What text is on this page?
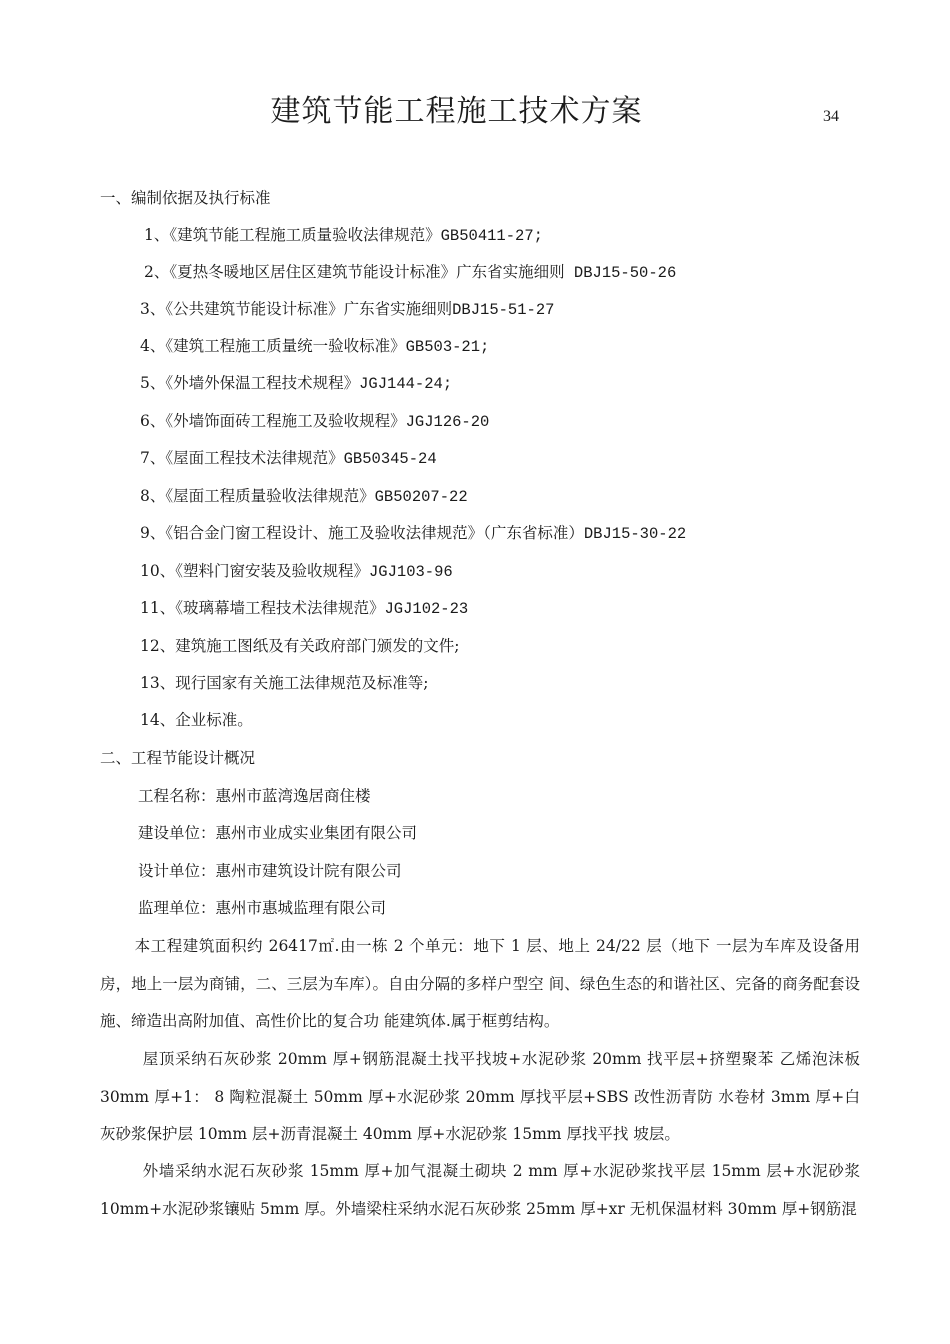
建筑节能工程施工技术方案	34
一、编制依据及执行标准
1、《建筑节能工程施工质量验收法律规范》GB50411-27;
2、《夏热冬暖地区居住区建筑节能设计标准》广东省实施细则 DBJ15-50-26
3、《公共建筑节能设计标准》广东省实施细则DBJ15-51-27
4、《建筑工程施工质量统一验收标准》GB503-21;
5、《外墙外保温工程技术规程》JGJ144-24;
6、《外墙饰面砖工程施工及验收规程》JGJ126-20
7、《屋面工程技术法律规范》GB50345-24
8、《屋面工程质量验收法律规范》GB50207-22
9、《铝合金门窗工程设计、施工及验收法律规范》（广东省标准）DBJ15-30-22
10、《塑料门窗安装及验收规程》JGJ103-96
11、《玻璃幕墙工程技术法律规范》JGJ102-23
12、建筑施工图纸及有关政府部门颁发的文件;
13、现行国家有关施工法律规范及标准等;
14、企业标准。
二、工程节能设计概况
工程名称：惠州市蓝湾逸居商住楼
建设单位：惠州市业成实业集团有限公司
设计单位：惠州市建筑设计院有限公司
监理单位：惠州市惠城监理有限公司
本工程建筑面积约 26417㎡.由一栋 2 个单元：地下 1 层、地上 24/22 层（地下 一层为车库及设备用房，地上一层为商铺，二、三层为车库）。自由分隔的多样户型空 间、绿色生态的和谐社区、完备的商务配套设施、缔造出高附加值、高性价比的复合功 能建筑体.属于框剪结构。
屋顶采纳石灰砂浆 20mm 厚+钢筋混凝土找平找坡+水泥砂浆 20mm 找平层+挤塑聚苯 乙烯泡沫板 30mm 厚+1： 8 陶粒混凝土 50mm 厚+水泥砂浆 20mm 厚找平层+SBS 改性沥青防 水卷材 3mm 厚+白灰砂浆保护层 10mm 层+沥青混凝土 40mm 厚+水泥砂浆 15mm 厚找平找 坡层。
外墙采纳水泥石灰砂浆 15mm 厚+加气混凝土砌块 2 mm 厚+水泥砂浆找平层 15mm 层+水泥砂浆 10mm+水泥砂浆镶贴 5mm 厚。外墙梁柱采纳水泥石灰砂浆 25mm 厚+xr 无机保温材料 30mm 厚+钢筋混
